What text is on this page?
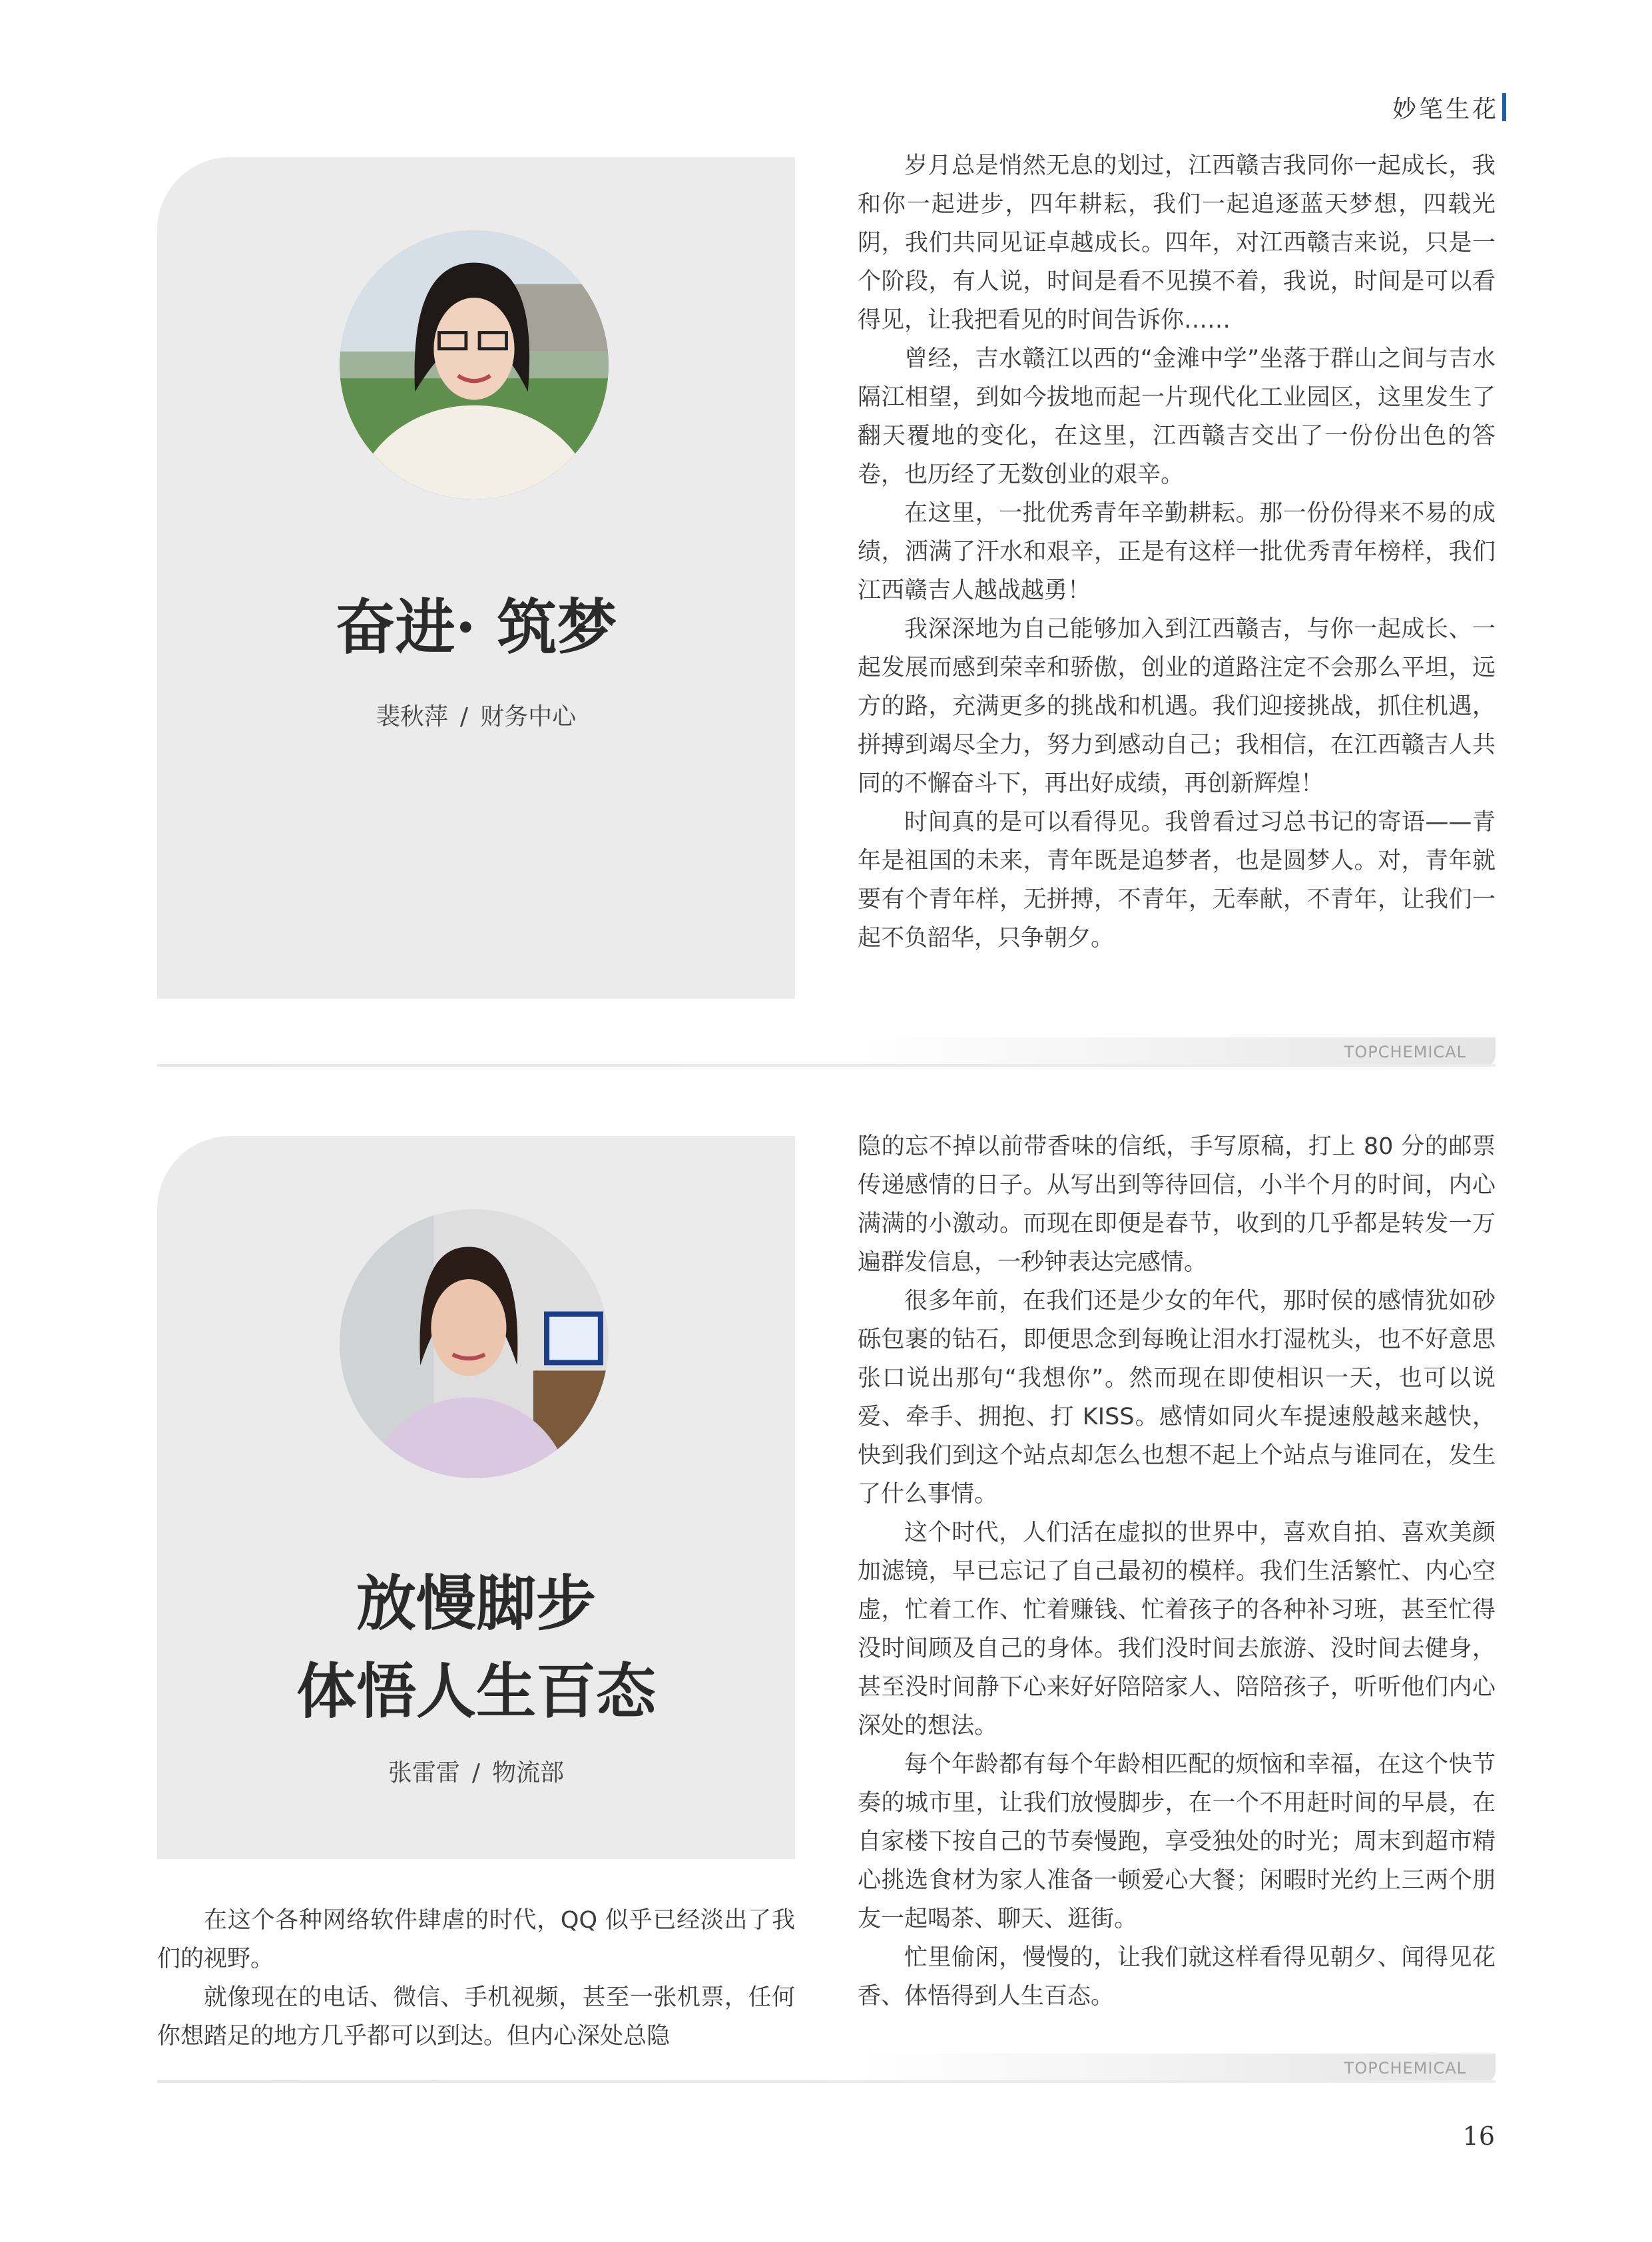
妙笔生花
奋进· 筑梦
裴秋萍 / 财务中心

岁月总是悄然无息的划过，江西赣吉我同你一起成长，我和你一起进步，四年耕耘，我们一起追逐蓝天梦想，四载光阴，我们共同见证卓越成长。四年，对江西赣吉来说，只是一个阶段，有人说，时间是看不见摸不着，我说，时间是可以看得见，让我把看见的时间告诉你……

曾经，吉水赣江以西的“金滩中学”坐落于群山之间与吉水隔江相望，到如今拔地而起一片现代化工业园区，这里发生了翻天覆地的变化，在这里，江西赣吉交出了一份份出色的答卷，也历经了无数创业的艰辛。

在这里，一批优秀青年辛勤耕耘。那一份份得来不易的成绩，洒满了汗水和艰辛，正是有这样一批优秀青年榜样，我们江西赣吉人越战越勇！

我深深地为自己能够加入到江西赣吉，与你一起成长、一起发展而感到荣幸和骄傲，创业的道路注定不会那么平坦，远方的路，充满更多的挑战和机遇。我们迎接挑战，抓住机遇，拼搏到竭尽全力，努力到感动自己；我相信，在江西赣吉人共同的不懈奋斗下，再出好成绩，再创新辉煌！

时间真的是可以看得见。我曾看过习总书记的寄语——青年是祖国的未来，青年既是追梦者，也是圆梦人。对，青年就要有个青年样，无拼搏，不青年，无奉献，不青年，让我们一起不负韶华，只争朝夕。

TOPCHEMICAL
放慢脚步
体悟人生百态
张雷雷 / 物流部

在这个各种网络软件肆虐的时代，QQ 似乎已经淡出了我们的视野。

就像现在的电话、微信、手机视频，甚至一张机票，任何你想踏足的地方几乎都可以到达。但内心深处总隐

隐的忘不掉以前带香味的信纸，手写原稿，打上 80 分的邮票传递感情的日子。从写出到等待回信，小半个月的时间，内心满满的小激动。而现在即便是春节，收到的几乎都是转发一万遍群发信息，一秒钟表达完感情。

很多年前，在我们还是少女的年代，那时侯的感情犹如砂砾包裹的钻石，即便思念到每晚让泪水打湿枕头，也不好意思张口说出那句“我想你”。然而现在即使相识一天，也可以说爱、牵手、拥抱、打 KISS。感情如同火车提速般越来越快，快到我们到这个站点却怎么也想不起上个站点与谁同在，发生了什么事情。

这个时代，人们活在虚拟的世界中，喜欢自拍、喜欢美颜加滤镜，早已忘记了自己最初的模样。我们生活繁忙、内心空虚，忙着工作、忙着赚钱、忙着孩子的各种补习班，甚至忙得没时间顾及自己的身体。我们没时间去旅游、没时间去健身，甚至没时间静下心来好好陪陪家人、陪陪孩子，听听他们内心深处的想法。

每个年龄都有每个年龄相匹配的烦恼和幸福，在这个快节奏的城市里，让我们放慢脚步，在一个不用赶时间的早晨，在自家楼下按自己的节奏慢跑，享受独处的时光；周末到超市精心挑选食材为家人准备一顿爱心大餐；闲暇时光约上三两个朋友一起喝茶、聊天、逛街。

忙里偷闲，慢慢的，让我们就这样看得见朝夕、闻得见花香、体悟得到人生百态。

TOPCHEMICAL
16
